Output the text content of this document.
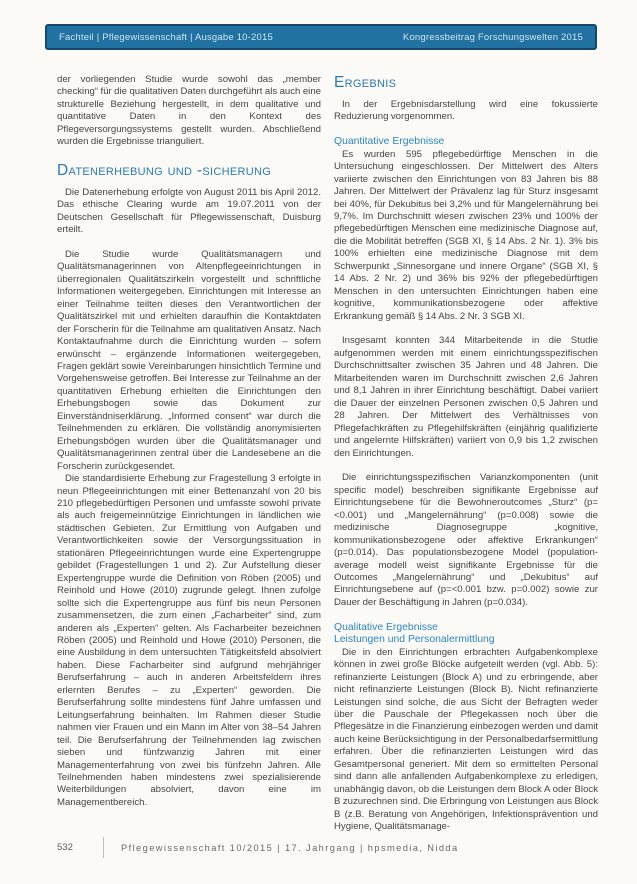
Fachteil | Pflegewissenschaft | Ausgabe 10-2015	Kongressbeitrag Forschungswelten 2015

der vorliegenden Studie wurde sowohl das „member checking“ für die qualitativen Daten durchgeführt als auch eine strukturelle Beziehung hergestellt, in dem qualitative und quantitative Daten in den Kontext des Pflegeversorgungssystems gestellt wurden. Abschließend wurden die Ergebnisse trianguliert.

Datenerhebung und -sicherung

Die Datenerhebung erfolgte von August 2011 bis April 2012. Das ethische Clearing wurde am 19.07.2011 von der Deutschen Gesellschaft für Pflegewissenschaft, Duisburg erteilt.

Die Studie wurde Qualitätsmanagern und Qualitätsmanagerinnen von Altenpflegeeinrichtungen in überregionalen Qualitätszirkeln vorgestellt und schriftliche Informationen weitergegeben. Einrichtungen mit Interesse an einer Teilnahme teilten dieses den Verantwortlichen der Qualitätszirkel mit und erhielten daraufhin die Kontaktdaten der Forscherin für die Teilnahme am qualitativen Ansatz. Nach Kontaktaufnahme durch die Einrichtung wurden – sofern erwünscht – ergänzende Informationen weitergegeben, Fragen geklärt sowie Vereinbarungen hinsichtlich Termine und Vorgehensweise getroffen. Bei Interesse zur Teilnahme an der quantitativen Erhebung erhielten die Einrichtungen den Erhebungsbogen sowie das Dokument zur Einverständniserklärung. „Informed consent“ war durch die Teilnehmenden zu erklären. Die vollständig anonymisierten Erhebungsbögen wurden über die Qualitätsmanager und Qualitätsmanagerinnen zentral über die Landesebene an die Forscherin zurückgesendet.

Die standardisierte Erhebung zur Fragestellung 3 erfolgte in neun Pflegeeinrichtungen mit einer Bettenanzahl von 20 bis 210 pflegebedürftigen Personen und umfasste sowohl private als auch freigemeinnützige Einrichtungen in ländlichen wie städtischen Gebieten. Zur Ermittlung von Aufgaben und Verantwortlichkeiten sowie der Versorgungssituation in stationären Pflegeeinrichtungen wurde eine Expertengruppe gebildet (Fragestellungen 1 und 2). Zur Aufstellung dieser Expertengruppe wurde die Definition von Röben (2005) und Reinhold und Howe (2010) zugrunde gelegt. Ihnen zufolge sollte sich die Expertengruppe aus fünf bis neun Personen zusammensetzen, die zum einen „Facharbeiter“ sind, zum anderen als „Experten“ gelten. Als Facharbeiter bezeichnen Röben (2005) und Reinhold und Howe (2010) Personen, die eine Ausbildung in dem untersuchten Tätigkeitsfeld absolviert haben. Diese Facharbeiter sind aufgrund mehrjähriger Berufserfahrung – auch in anderen Arbeitsfeldern ihres erlernten Berufes – zu „Experten“ geworden. Die Berufserfahrung sollte mindestens fünf Jahre umfassen und Leitungserfahrung beinhalten. Im Rahmen dieser Studie nahmen vier Frauen und ein Mann im Alter von 38–54 Jahren teil. Die Berufserfahrung der Teilnehmenden lag zwischen sieben und fünfzwanzig Jahren mit einer Managementerfahrung von zwei bis fünfzehn Jahren. Alle Teilnehmenden haben mindestens zwei spezialisierende Weiterbildungen absolviert, davon eine im Managementbereich.

Ergebnis

In der Ergebnisdarstellung wird eine fokussierte Reduzierung vorgenommen.

Quantitative Ergebnisse

Es wurden 595 pflegebedürftige Menschen in die Untersuchung eingeschlossen. Der Mittelwert des Alters variierte zwischen den Einrichtungen von 83 Jahren bis 88 Jahren. Der Mittelwert der Prävalenz lag für Sturz insgesamt bei 40%, für Dekubitus bei 3,2% und für Mangelernährung bei 9,7%. Im Durchschnitt wiesen zwischen 23% und 100% der pflegebedürftigen Menschen eine medizinische Diagnose auf, die die Mobilität betreffen (SGB XI, § 14 Abs. 2 Nr. 1). 3% bis 100% erhielten eine medizinische Diagnose mit dem Schwerpunkt „Sinnesorgane und innere Organe“ (SGB XI, § 14 Abs. 2 Nr. 2) und 36% bis 92% der pflegebedürftigen Menschen in den untersuchten Einrichtungen haben eine kognitive, kommunikationsbezogene oder affektive Erkrankung gemäß § 14 Abs. 2 Nr. 3 SGB XI.

Insgesamt konnten 344 Mitarbeitende in die Studie aufgenommen werden mit einem einrichtungsspezifischen Durchschnittsalter zwischen 35 Jahren und 48 Jahren. Die Mitarbeitenden waren im Durchschnitt zwischen 2,6 Jahren und 8,1 Jahren in ihrer Einrichtung beschäftigt. Dabei variiert die Dauer der einzelnen Personen zwischen 0,5 Jahren und 28 Jahren. Der Mittelwert des Verhältnisses von Pflegefachkräften zu Pflegehilfskräften (einjährig qualifizierte und angelernte Hilfskräften) variiert von 0,9 bis 1,2 zwischen den Einrichtungen.

Die einrichtungsspezifischen Varianzkomponenten (unit specific model) beschreiben signifikante Ergebnisse auf Einrichtungsebene für die Bewohneroutcomes „Sturz“ (p=<0.001) und „Mangelernährung“ (p=0.008) sowie die medizinische Diagnosegruppe „kognitive, kommunikationsbezogene oder affektive Erkrankungen“ (p=0.014). Das populationsbezogene Model (population-average modell weist signifikante Ergebnisse für die Outcomes „Mangelernährung“ und „Dekubitus“ auf Einrichtungsebene auf (p=<0.001 bzw. p=0.002) sowie zur Dauer der Beschäftigung in Jahren (p=0.034).

Qualitative Ergebnisse
Leistungen und Personalermittlung

Die in den Einrichtungen erbrachten Aufgabenkomplexe können in zwei große Blöcke aufgeteilt werden (vgl. Abb. 5): refinanzierte Leistungen (Block A) und zu erbringende, aber nicht refinanzierte Leistungen (Block B). Nicht refinanzierte Leistungen sind solche, die aus Sicht der Befragten weder über die Pauschale der Pflegekassen noch über die Pflegesätze in die Finanzierung einbezogen werden und damit auch keine Berücksichtigung in der Personalbedarfsermittlung erfahren. Über die refinanzierten Leistungen wird das Gesamtpersonal generiert. Mit dem so ermittelten Personal sind dann alle anfallenden Aufgabenkomplexe zu erledigen, unabhängig davon, ob die Leistungen dem Block A oder Block B zuzurechnen sind. Die Erbringung von Leistungen aus Block B (z.B. Beratung von Angehörigen, Infektionsprävention und Hygiene, Qualitätsmanage-

532	Pflegewissenschaft 10/2015 | 17. Jahrgang | hpsmedia, Nidda
